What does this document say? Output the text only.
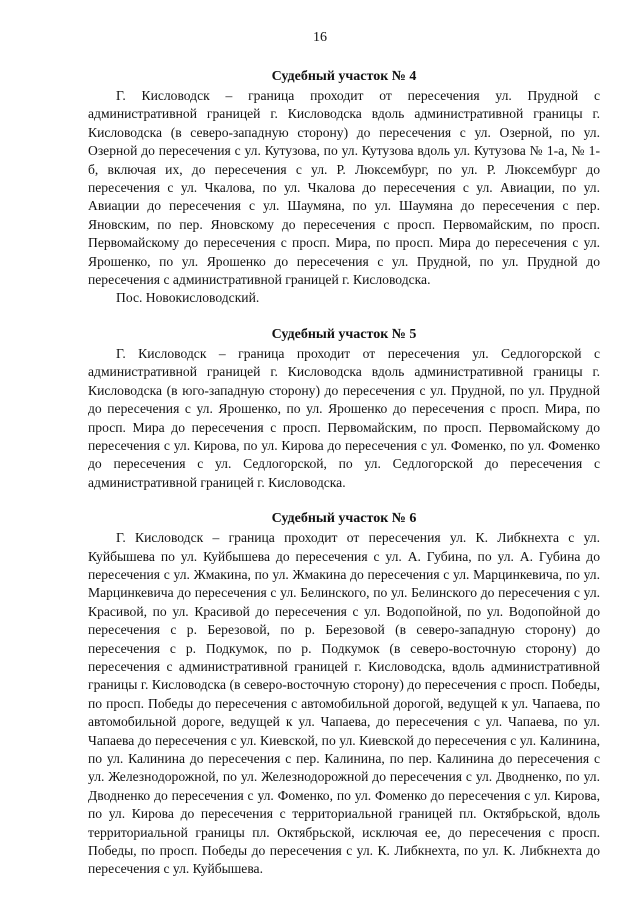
16
Судебный участок № 4

Г. Кисловодск – граница проходит от пересечения ул. Прудной с административной границей г. Кисловодска вдоль административной границы г. Кисловодска (в северо-западную сторону) до пересечения с ул. Озерной, по ул. Озерной до пересечения с ул. Кутузова, по ул. Кутузова вдоль ул. Кутузова № 1-а, № 1-б, включая их, до пересечения с ул. Р. Люксембург, по ул. Р. Люксембург до пересечения с ул. Чкалова, по ул. Чкалова до пересечения с ул. Авиации, по ул. Авиации до пересечения с ул. Шаумяна, по ул. Шаумяна до пересечения с пер. Яновским, по пер. Яновскому до пересечения с просп. Первомайским, по просп. Первомайскому до пересечения с просп. Мира, по просп. Мира до пересечения с ул. Ярошенко, по ул. Ярошенко до пересечения с ул. Прудной, по ул. Прудной до пересечения с административной границей г. Кисловодска.

Пос. Новокисловодский.

Судебный участок № 5

Г. Кисловодск – граница проходит от пересечения ул. Седлогорской с административной границей г. Кисловодска вдоль административной границы г. Кисловодска (в юго-западную сторону) до пересечения с ул. Прудной, по ул. Прудной до пересечения с ул. Ярошенко, по ул. Ярошенко до пересечения с просп. Мира, по просп. Мира до пересечения с просп. Первомайским, по просп. Первомайскому до пересечения с ул. Кирова, по ул. Кирова до пересечения с ул. Фоменко, по ул. Фоменко до пересечения с ул. Седлогорской, по ул. Седлогорской до пересечения с административной границей г. Кисловодска.

Судебный участок № 6

Г. Кисловодск – граница проходит от пересечения ул. К. Либкнехта с ул. Куйбышева по ул. Куйбышева до пересечения с ул. А. Губина, по ул. А. Губина до пересечения с ул. Жмакина, по ул. Жмакина до пересечения с ул. Марцинкевича, по ул. Марцинкевича до пересечения с ул. Белинского, по ул. Белинского до пересечения с ул. Красивой, по ул. Красивой до пересечения с ул. Водопойной, по ул. Водопойной до пересечения с р. Березовой, по р. Березовой (в северо-западную сторону) до пересечения с р. Подкумок, по р. Подкумок (в северо-восточную сторону) до пересечения с административной границей г. Кисловодска, вдоль административной границы г. Кисловодска (в северо-восточную сторону) до пересечения с просп. Победы, по просп. Победы до пересечения с автомобильной дорогой, ведущей к ул. Чапаева, по автомобильной дороге, ведущей к ул. Чапаева, до пересечения с ул. Чапаева, по ул. Чапаева до пересечения с ул. Киевской, по ул. Киевской до пересечения с ул. Калинина, по ул. Калинина до пересечения с пер. Калинина, по пер. Калинина до пересечения с ул. Железнодорожной, по ул. Железнодорожной до пересечения с ул. Дводненко, по ул. Дводненко до пересечения с ул. Фоменко, по ул. Фоменко до пересечения с ул. Кирова, по ул. Кирова до пересечения с территориальной границей пл. Октябрьской, вдоль территориальной границы пл. Октябрьской, исключая ее, до пересечения с просп. Победы, по просп. Победы до пересечения с ул. К. Либкнехта, по ул. К. Либкнехта до пересечения с ул. Куйбышева.
